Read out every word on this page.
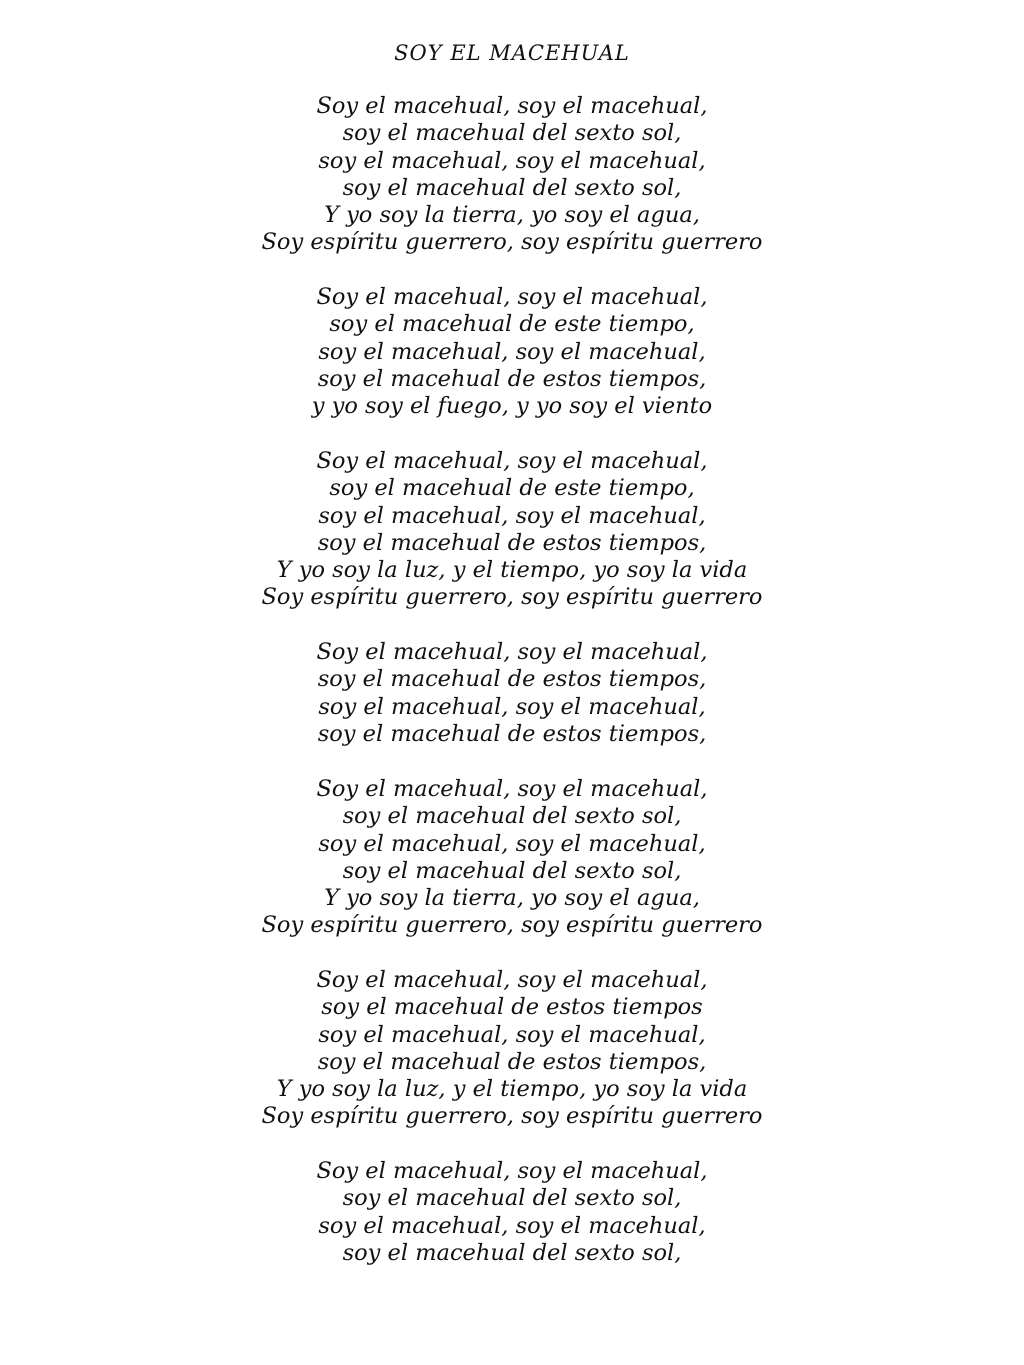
SOY EL MACEHUAL
Soy el macehual, soy el macehual,
soy el macehual del sexto sol,
soy el macehual, soy el macehual,
soy el macehual del sexto sol,
Y yo soy la tierra, yo soy el agua,
Soy espíritu guerrero, soy espíritu guerrero
Soy el macehual, soy el macehual,
soy el macehual de este tiempo,
soy el macehual, soy el macehual,
soy el macehual de estos tiempos,
y yo soy el fuego, y yo soy el viento
Soy el macehual, soy el macehual,
soy el macehual de este tiempo,
soy el macehual, soy el macehual,
soy el macehual de estos tiempos,
Y yo soy la luz, y el tiempo, yo soy la vida
Soy espíritu guerrero, soy espíritu guerrero
Soy el macehual, soy el macehual,
soy el macehual de estos tiempos,
soy el macehual, soy el macehual,
soy el macehual de estos tiempos,
Soy el macehual, soy el macehual,
soy el macehual del sexto sol,
soy el macehual, soy el macehual,
soy el macehual del sexto sol,
Y yo soy la tierra, yo soy el agua,
Soy espíritu guerrero, soy espíritu guerrero
Soy el macehual, soy el macehual,
soy el macehual de estos tiempos
soy el macehual, soy el macehual,
soy el macehual de estos tiempos,
Y yo soy la luz, y el tiempo, yo soy la vida
Soy espíritu guerrero, soy espíritu guerrero
Soy el macehual, soy el macehual,
soy el macehual del sexto sol,
soy el macehual, soy el macehual,
soy el macehual del sexto sol,
